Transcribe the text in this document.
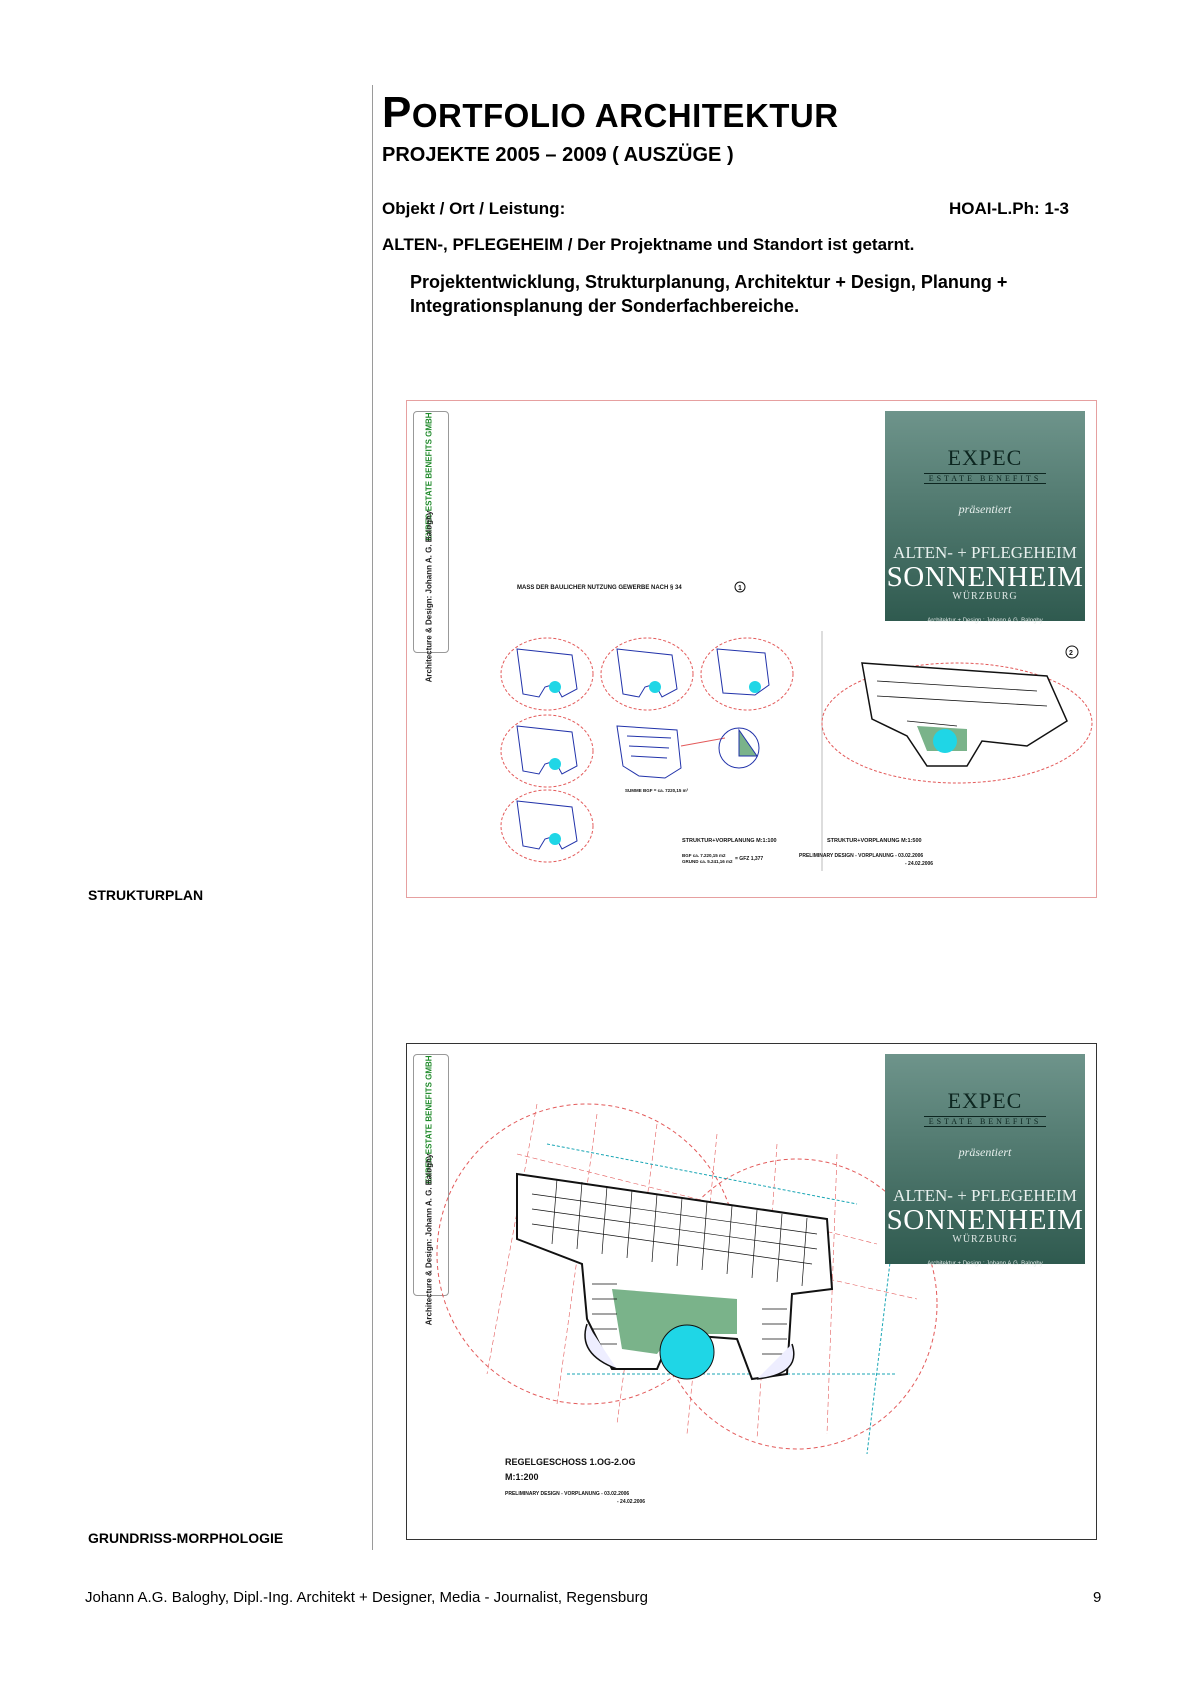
PORTFOLIO ARCHITEKTUR
PROJEKTE 2005 – 2009 ( AUSZÜGE )
Objekt / Ort / Leistung:	HOAI-L.Ph: 1-3
ALTEN-, PFLEGEHEIM / Der Projektname und Standort ist getarnt.

Projektentwicklung, Strukturplanung, Architektur + Design, Planung + Integrationsplanung der Sonderfachbereiche.

EXPEC ESTATE BENEFITS GMBH
Architecture & Design: Johann A. G. Baloghy
EXPEC
ESTATE BENEFITS
präsentiert
ALTEN- + PFLEGEHEIM
SONNENHEIM
WÜRZBURG
Architektur + Design : Johann A.G. Baloghy
MASS DER BAULICHER NUTZUNG GEWERBE NACH § 34	1
SUMME BGF = ca. 7220,15 m²
STRUKTUR+VORPLANUNG M:1:100
BGF ca. 7.220,15 m2
GRUND ca. 5.241,16 m2 = GFZ 1,377
2
STRUKTUR+VORPLANUNG M:1:500
PRELIMINARY DESIGN - VORPLANUNG - 03.02.2006
- 24.02.2006
STRUKTURPLAN
EXPEC ESTATE BENEFITS GMBH
Architecture & Design: Johann A. G. Baloghy
REGELGESCHOSS 1.OG-2.OG
M:1:200
PRELIMINARY DESIGN - VORPLANUNG - 03.02.2006
- 24.02.2006
EXPEC
ESTATE BENEFITS
präsentiert
ALTEN- + PFLEGEHEIM
SONNENHEIM
WÜRZBURG
Architektur + Design : Johann A.G. Baloghy
GRUNDRISS-MORPHOLOGIE
Johann A.G. Baloghy, Dipl.-Ing. Architekt + Designer, Media - Journalist, Regensburg	9
